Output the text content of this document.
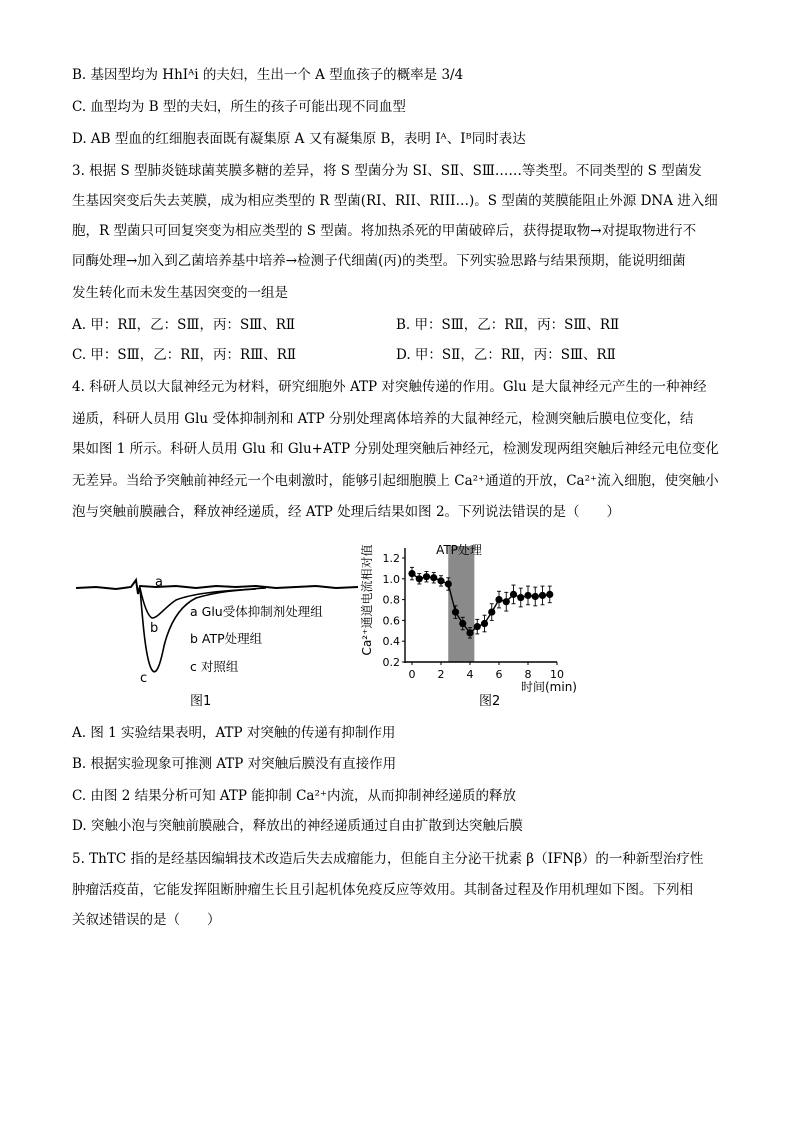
B. 基因型均为 HhIᴬi 的夫妇，生出一个 A 型血孩子的概率是 3/4
C. 血型均为 B 型的夫妇，所生的孩子可能出现不同血型
D. AB 型血的红细胞表面既有凝集原 A 又有凝集原 B，表明 Iᴬ、Iᴮ同时表达
3. 根据 S 型肺炎链球菌荚膜多糖的差异，将 S 型菌分为 SI、SⅡ、SⅢ……等类型。不同类型的 S 型菌发
生基因突变后失去荚膜，成为相应类型的 R 型菌(RI、RII、RIII…)。S 型菌的荚膜能阻止外源 DNA 进入细
胞，R 型菌只可回复突变为相应类型的 S 型菌。将加热杀死的甲菌破碎后，获得提取物→对提取物进行不
同酶处理→加入到乙菌培养基中培养→检测子代细菌(丙)的类型。下列实验思路与结果预期，能说明细菌
发生转化而未发生基因突变的一组是
A. 甲：RⅡ，乙：SⅢ，丙：SⅢ、RⅡ	B. 甲：SⅢ，乙：RⅡ，丙：SⅢ、RⅡ
C. 甲：SⅢ，乙：RⅡ，丙：RⅢ、RⅡ	D. 甲：SⅡ，乙：RⅡ，丙：SⅢ、RⅡ
4. 科研人员以大鼠神经元为材料，研究细胞外 ATP 对突触传递的作用。Glu 是大鼠神经元产生的一种神经
递质，科研人员用 Glu 受体抑制剂和 ATP 分别处理离体培养的大鼠神经元，检测突触后膜电位变化，结
果如图 1 所示。科研人员用 Glu 和 Glu+ATP 分别处理突触后神经元，检测发现两组突触后神经元电位变化
无差异。当给予突触前神经元一个电刺激时，能够引起细胞膜上 Ca²⁺通道的开放，Ca²⁺流入细胞，使突触小
泡与突触前膜融合，释放神经递质，经 ATP 处理后结果如图 2。下列说法错误的是（　　）
a
b
c
a Glu受体抑制剂处理组
b ATP处理组
c 对照组
图1
Ca²⁺通道电流相对值
0.2
0.4
0.6
0.8
1.0
1.2
0 2 4 6 8 10
ATP处理
时间(min)
图2
A. 图 1 实验结果表明，ATP 对突触的传递有抑制作用
B. 根据实验现象可推测 ATP 对突触后膜没有直接作用
C. 由图 2 结果分析可知 ATP 能抑制 Ca²⁺内流，从而抑制神经递质的释放
D. 突触小泡与突触前膜融合，释放出的神经递质通过自由扩散到达突触后膜
5. ThTC 指的是经基因编辑技术改造后失去成瘤能力，但能自主分泌干扰素 β（IFNβ）的一种新型治疗性
肿瘤活疫苗，它能发挥阻断肿瘤生长且引起机体免疫反应等效用。其制备过程及作用机理如下图。下列相
关叙述错误的是（　　）
